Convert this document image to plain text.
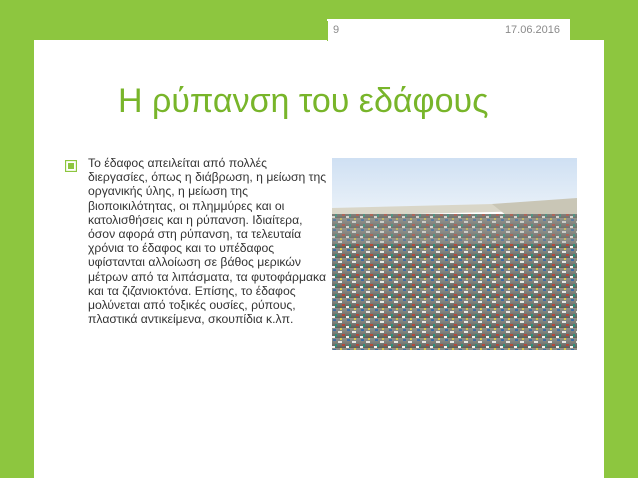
9	17.06.2016
Η ρύπανση του εδάφους

Το έδαφος απειλείται από πολλές διεργασίες, όπως η διάβρωση, η μείωση της οργανικής ύλης, η μείωση της βιοποικιλότητας, οι πλημμύρες και οι κατολισθήσεις και η ρύπανση. Ιδιαίτερα, όσον αφορά στη ρύπανση, τα τελευταία χρόνια το έδαφος και το υπέδαφος υφίστανται αλλοίωση σε βάθος μερικών μέτρων από τα λιπάσματα, τα φυτοφάρμακα και τα ζιζανιοκτόνα. Επίσης, το έδαφος μολύνεται από τοξικές ουσίες, ρύπους, πλαστικά αντικείμενα, σκουπίδια κ.λπ.
